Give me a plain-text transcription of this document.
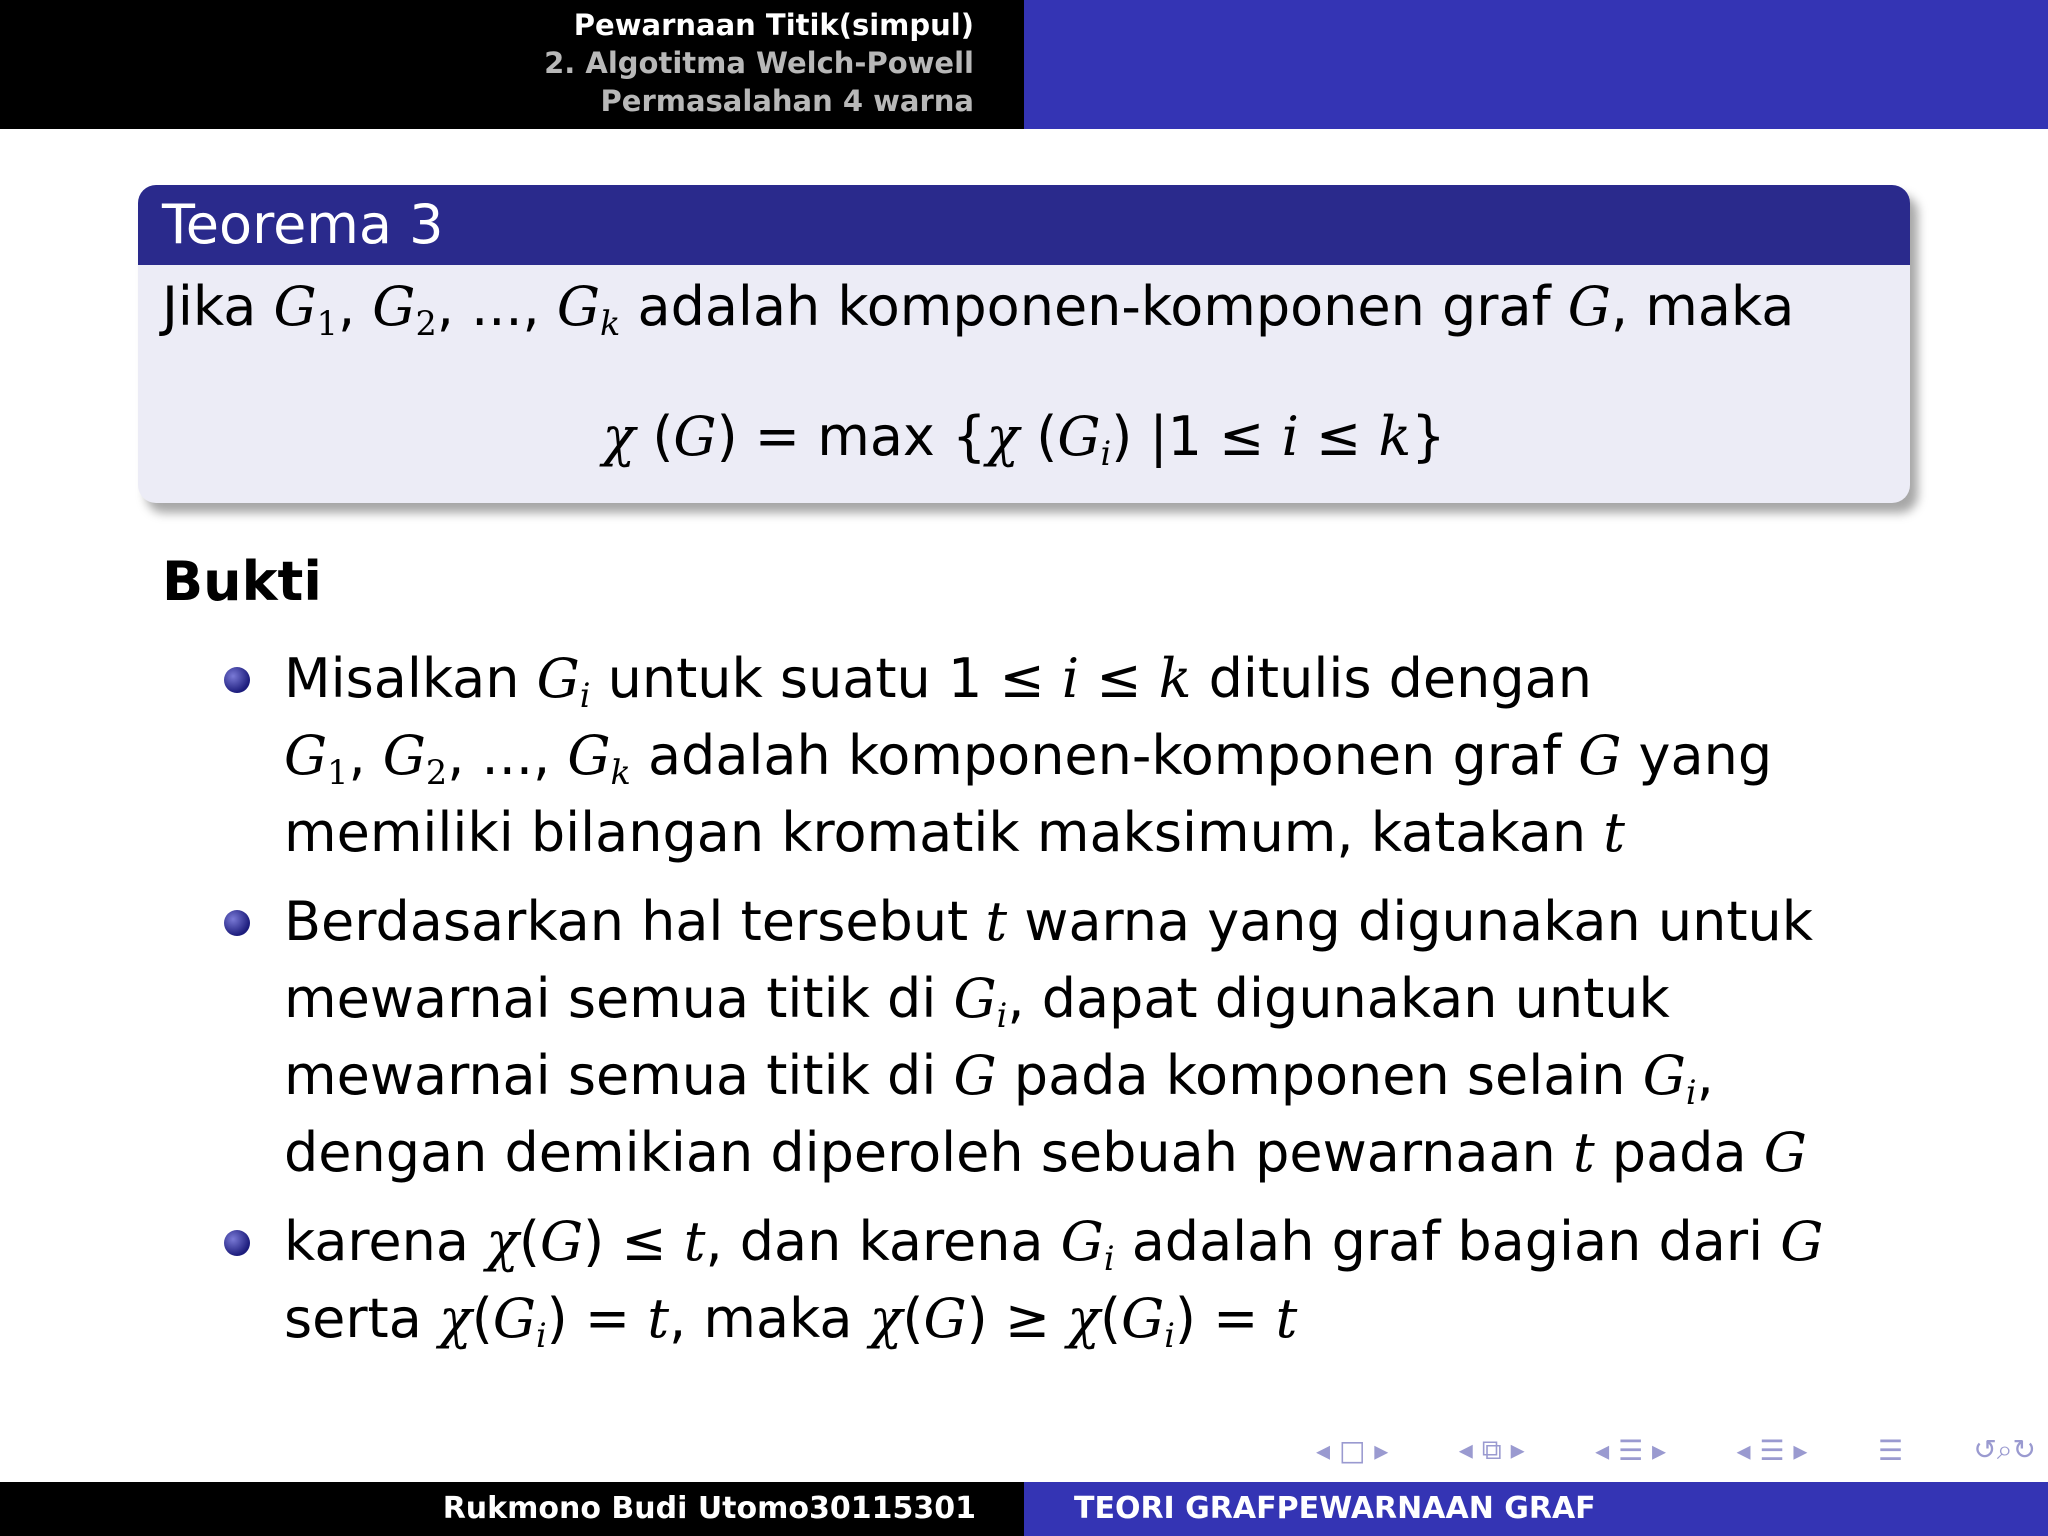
Pewarnaan Titik(simpul)
2. Algotitma Welch-Powell
Permasalahan 4 warna
Teorema 3
Jika $G_1$, $G_2$, ..., $G_k$ adalah komponen-komponen graf G, maka
χ (G) = max {χ $(G_i) |1 \le i \le k$}
Bukti
Misalkan $G_i$ untuk suatu 1 ≤ i ≤ k ditulis dengan
$G_1$, $G_2$, ..., $G_k$ adalah komponen-komponen graf G yang memiliki bilangan kromatik maksimum, katakan t
Berdasarkan hal tersebut t warna yang digunakan untuk mewarnai semua titik di $G_i$, dapat digunakan untuk mewarnai semua titik di G pada komponen selain $G_i$, dengan demikian diperoleh sebuah pewarnaan t pada G
karena χ(G) ≤ t, dan karena $G_i$ adalah graf bagian dari G serta $\chi(G_i) = t$, maka $\chi(G) \ge \chi(G_i) = t$
◂ □ ▸	◂ ⧉ ▸	◂ ☰ ▸	◂ ☰ ▸	☰	↺⌕↻
Rukmono Budi Utomo30115301	TEORI GRAFPEWARNAAN GRAF
